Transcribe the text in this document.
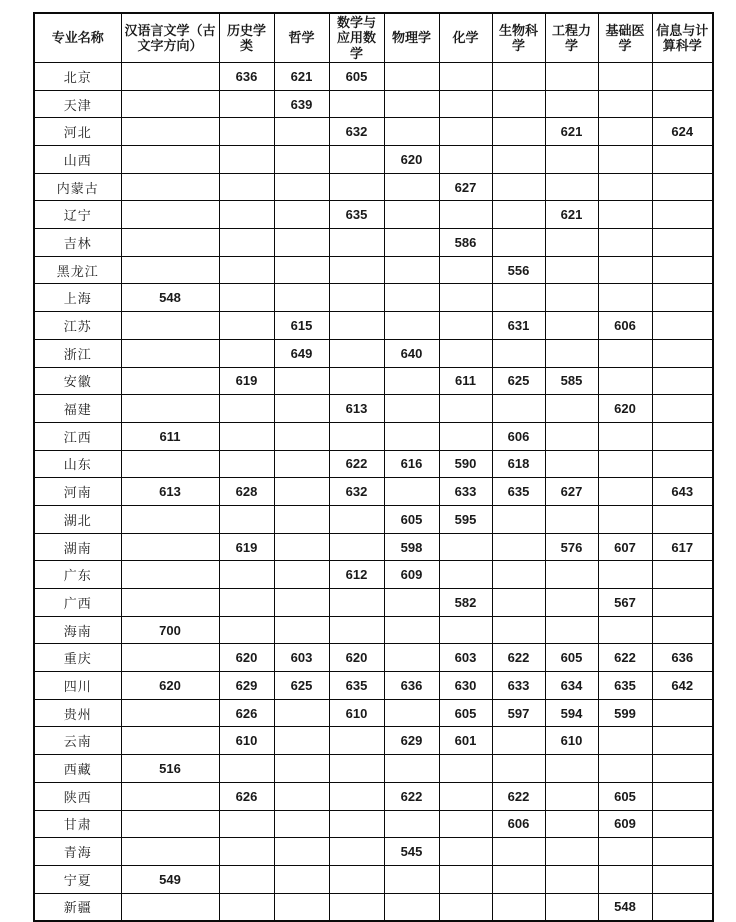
专业名称	汉语言文学（古文字方向）	历史学类	哲学	数学与应用数学	物理学	化学	生物科学	工程力学	基础医学	信息与计算科学
北京		636	621	605						
天津			639							
河北				632				621		624
山西					620					
内蒙古						627				
辽宁				635				621		
吉林						586				
黑龙江							556			
上海	548									
江苏			615				631		606	
浙江			649		640					
安徽		619				611	625	585		
福建				613					620	
江西	611						606			
山东				622	616	590	618			
河南	613	628		632		633	635	627		643
湖北					605	595				
湖南		619			598			576	607	617
广东				612	609					
广西						582			567	
海南	700									
重庆		620	603	620		603	622	605	622	636
四川	620	629	625	635	636	630	633	634	635	642
贵州		626		610		605	597	594	599	
云南		610			629	601		610		
西藏	516									
陕西		626			622		622		605	
甘肃							606		609	
青海					545					
宁夏	549									
新疆									548	
